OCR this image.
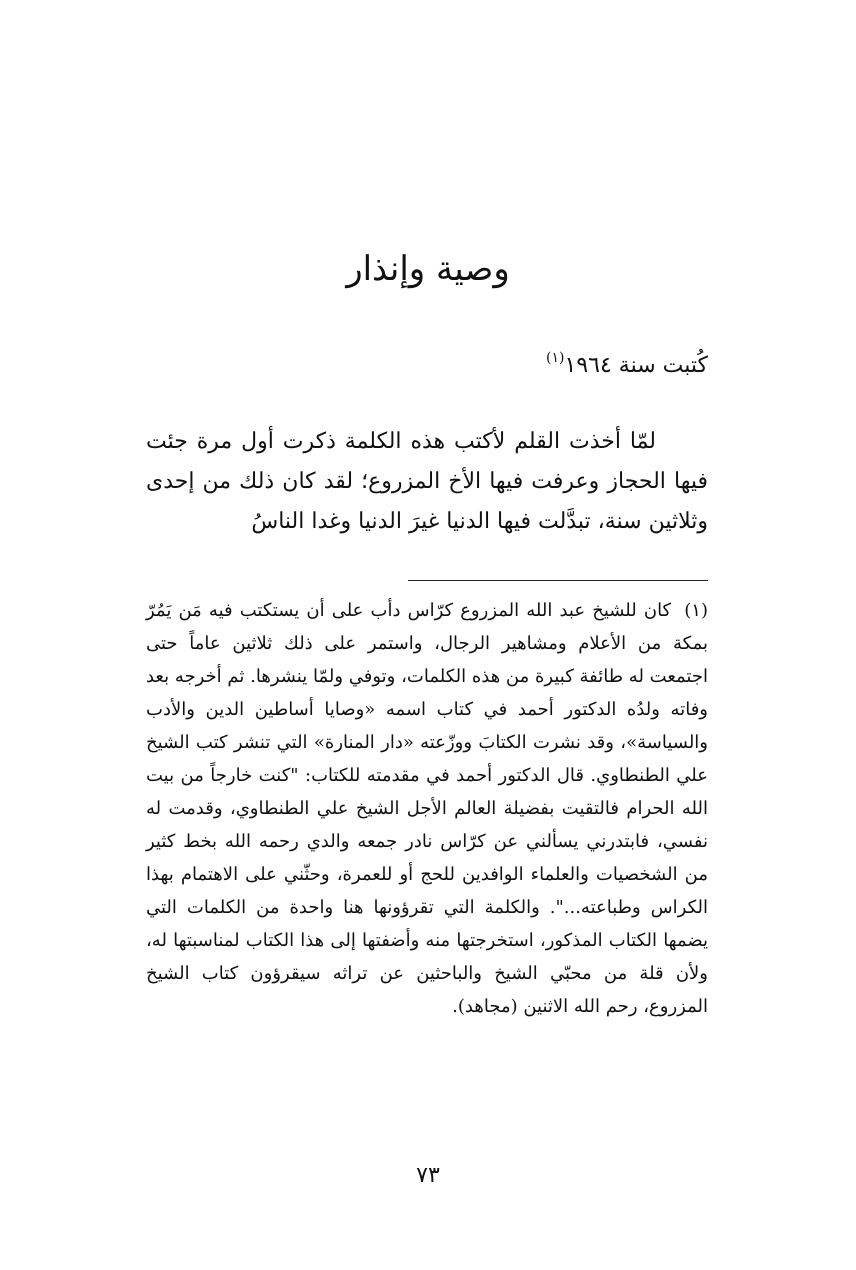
وصية وإنذار
كُتبت سنة ١٩٦٤$^{(١)}$

لمّا أخذت القلم لأكتب هذه الكلمة ذكرت أول مرة جئت فيها الحجاز وعرفت فيها الأخ المزروع؛ لقد كان ذلك من إحدى وثلاثين سنة، تبدَّلت فيها الدنيا غيرَ الدنيا وغدا الناسُ

(١) كان للشيخ عبد الله المزروع كرّاس دأب على أن يستكتب فيه مَن يَمُرّ بمكة من الأعلام ومشاهير الرجال، واستمر على ذلك ثلاثين عاماً حتى اجتمعت له طائفة كبيرة من هذه الكلمات، وتوفي ولمّا ينشرها. ثم أخرجه بعد وفاته ولدُه الدكتور أحمد في كتاب اسمه «وصايا أساطين الدين والأدب والسياسة»، وقد نشرت الكتابَ ووزّعته «دار المنارة» التي تنشر كتب الشيخ علي الطنطاوي. قال الدكتور أحمد في مقدمته للكتاب: "كنت خارجاً من بيت الله الحرام فالتقيت بفضيلة العالم الأجل الشيخ علي الطنطاوي، وقدمت له نفسي، فابتدرني يسألني عن كرّاس نادر جمعه والدي رحمه الله بخط كثير من الشخصيات والعلماء الوافدين للحج أو للعمرة، وحثّني على الاهتمام بهذا الكراس وطباعته...". والكلمة التي تقرؤونها هنا واحدة من الكلمات التي يضمها الكتاب المذكور، استخرجتها منه وأضفتها إلى هذا الكتاب لمناسبتها له، ولأن قلة من محبّي الشيخ والباحثين عن تراثه سيقرؤون كتاب الشيخ المزروع، رحم الله الاثنين (مجاهد).
٧٣
